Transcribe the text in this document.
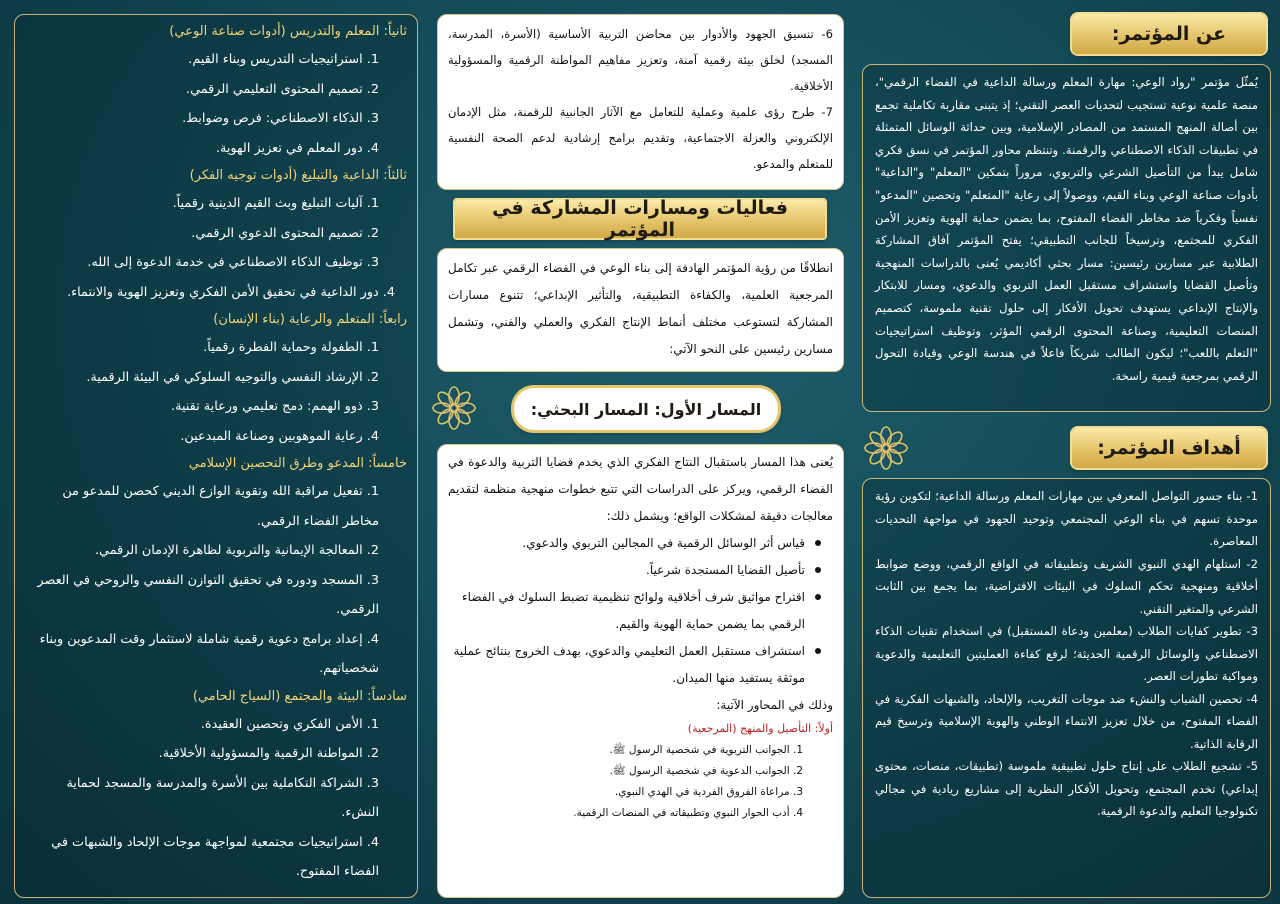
عن المؤتمر:

يُمثّل مؤتمر "رواد الوعي: مهارة المعلم ورسالة الداعية في الفضاء الرقمي"، منصة علمية نوعية تستجيب لتحديات العصر التقني؛ إذ يتبنى مقاربة تكاملية تجمع بين أصالة المنهج المستمد من المصادر الإسلامية، وبين حداثة الوسائل المتمثلة في تطبيقات الذكاء الاصطناعي والرقمنة. وتنتظم محاور المؤتمر في نسق فكري شامل يبدأ من التأصيل الشرعي والتربوي، مروراً بتمكين "المعلم" و"الداعية" بأدوات صناعة الوعي وبناء القيم، ووصولاً إلى رعاية "المتعلم" وتحصين "المدعو" نفسياً وفكرياً ضد مخاطر الفضاء المفتوح، بما يضمن حماية الهوية وتعزيز الأمن الفكري للمجتمع، وترسيخاً للجانب التطبيقي؛ يفتح المؤتمر آفاق المشاركة الطلابية عبر مسارين رئيسين: مسار بحثي أكاديمي يُعنى بالدراسات المنهجية وتأصيل القضايا واستشراف مستقبل العمل التربوي والدعوي، ومسار للابتكار والإنتاج الإبداعي يستهدف تحويل الأفكار إلى حلول تقنية ملموسة، كتصميم المنصات التعليمية، وصناعة المحتوى الرقمي المؤثر، وتوظيف استراتيجيات "التعلم باللعب"؛ ليكون الطالب شريكاً فاعلاً في هندسة الوعي وقيادة التحول الرقمي بمرجعية قيمية راسخة.

أهداف المؤتمر:

1- بناء جسور التواصل المعرفي بين مهارات المعلم ورسالة الداعية؛ لتكوين رؤية موحدة تسهم في بناء الوعي المجتمعي وتوحيد الجهود في مواجهة التحديات المعاصرة.

2- استلهام الهدي النبوي الشريف وتطبيقاته في الواقع الرقمي، ووضع ضوابط أخلاقية ومنهجية تحكم السلوك في البيئات الافتراضية، بما يجمع بين الثابت الشرعي والمتغير التقني.

3- تطوير كفايات الطلاب (معلمين ودعاة المستقبل) في استخدام تقنيات الذكاء الاصطناعي والوسائل الرقمية الحديثة؛ لرفع كفاءة العمليتين التعليمية والدعوية ومواكبة تطورات العصر.

4- تحصين الشباب والنشء ضد موجات التغريب، والإلحاد، والشبهات الفكرية في الفضاء المفتوح، من خلال تعزيز الانتماء الوطني والهوية الإسلامية وترسيخ قيم الرقابة الذاتية.

5- تشجيع الطلاب على إنتاج حلول تطبيقية ملموسة (تطبيقات، منصات، محتوى إبداعي) تخدم المجتمع، وتحويل الأفكار النظرية إلى مشاريع ريادية في مجالي تكنولوجيا التعليم والدعوة الرقمية.

6- تنسيق الجهود والأدوار بين محاضن التربية الأساسية (الأسرة، المدرسة، المسجد) لخلق بيئة رقمية آمنة، وتعزيز مفاهيم المواطنة الرقمية والمسؤولية الأخلاقية.

7- طرح رؤى علمية وعملية للتعامل مع الآثار الجانبية للرقمنة، مثل الإدمان الإلكتروني والعزلة الاجتماعية، وتقديم برامج إرشادية لدعم الصحة النفسية للمتعلم والمدعو.

فعاليات ومسارات المشاركة في المؤتمر

انطلاقًا من رؤية المؤتمر الهادفة إلى بناء الوعي في الفضاء الرقمي عبر تكامل المرجعية العلمية، والكفاءة التطبيقية، والتأثير الإبداعي؛ تتنوع مسارات المشاركة لتستوعب مختلف أنماط الإنتاج الفكري والعملي والفني، وتشمل مسارين رئيسين على النحو الآتي:

المسار الأول: المسار البحثي:

يُعنى هذا المسار باستقبال النتاج الفكري الذي يخدم قضايا التربية والدعوة في الفضاء الرقمي، ويركز على الدراسات التي تتبع خطوات منهجية منظمة لتقديم معالجات دقيقة لمشكلات الواقع؛ ويشمل ذلك:

قياس أثر الوسائل الرقمية في المجالين التربوي والدعوي.
تأصيل القضايا المستجدة شرعياً.
اقتراح مواثيق شرف أخلاقية ولوائح تنظيمية تضبط السلوك في الفضاء الرقمي بما يضمن حماية الهوية والقيم.
استشراف مستقبل العمل التعليمي والدعوي، بهدف الخروج بنتائج عملية موثقة يستفيد منها الميدان.

وذلك في المحاور الآتية:

أولاً: التأصيل والمنهج (المرجعية)

1. الجوانب التربوية في شخصية الرسول ﷺ.
2. الجوانب الدعوية في شخصية الرسول ﷺ.
3. مراعاة الفروق الفردية في الهدي النبوي.
4. أدب الحوار النبوي وتطبيقاته في المنصات الرقمية.

ثانياً: المعلم والتدريس (أدوات صناعة الوعي)

1. استراتيجيات التدريس وبناء القيم.
2. تصميم المحتوى التعليمي الرقمي.
3. الذكاء الاصطناعي: فرص وضوابط.
4. دور المعلم في تعزيز الهوية.

ثالثاً: الداعية والتبليغ (أدوات توجيه الفكر)

1. آليات التبليغ وبث القيم الدينية رقمياً.
2. تصميم المحتوى الدعوي الرقمي.
3. توظيف الذكاء الاصطناعي في خدمة الدعوة إلى الله.
4. دور الداعية في تحقيق الأمن الفكري وتعزيز الهوية والانتماء.

رابعاً: المتعلم والرعاية (بناء الإنسان)

1. الطفولة وحماية الفطرة رقمياً.
2. الإرشاد النفسي والتوجيه السلوكي في البيئة الرقمية.
3. ذوو الهمم: دمج تعليمي ورعاية تقنية.
4. رعاية الموهوبين وصناعة المبدعين.

خامساً: المدعو وطرق التحصين الإسلامي

1. تفعيل مراقبة الله وتقوية الوازع الديني كحصن للمدعو من مخاطر الفضاء الرقمي.
2. المعالجة الإيمانية والتربوية لظاهرة الإدمان الرقمي.
3. المسجد ودوره في تحقيق التوازن النفسي والروحي في العصر الرقمي.
4. إعداد برامج دعوية رقمية شاملة لاستثمار وقت المدعوين وبناء شخصياتهم.

سادساً: البيئة والمجتمع (السياج الحامي)

1. الأمن الفكري وتحصين العقيدة.
2. المواطنة الرقمية والمسؤولية الأخلاقية.
3. الشراكة التكاملية بين الأسرة والمدرسة والمسجد لحماية النشء.
4. استراتيجيات مجتمعية لمواجهة موجات الإلحاد والشبهات في الفضاء المفتوح.
